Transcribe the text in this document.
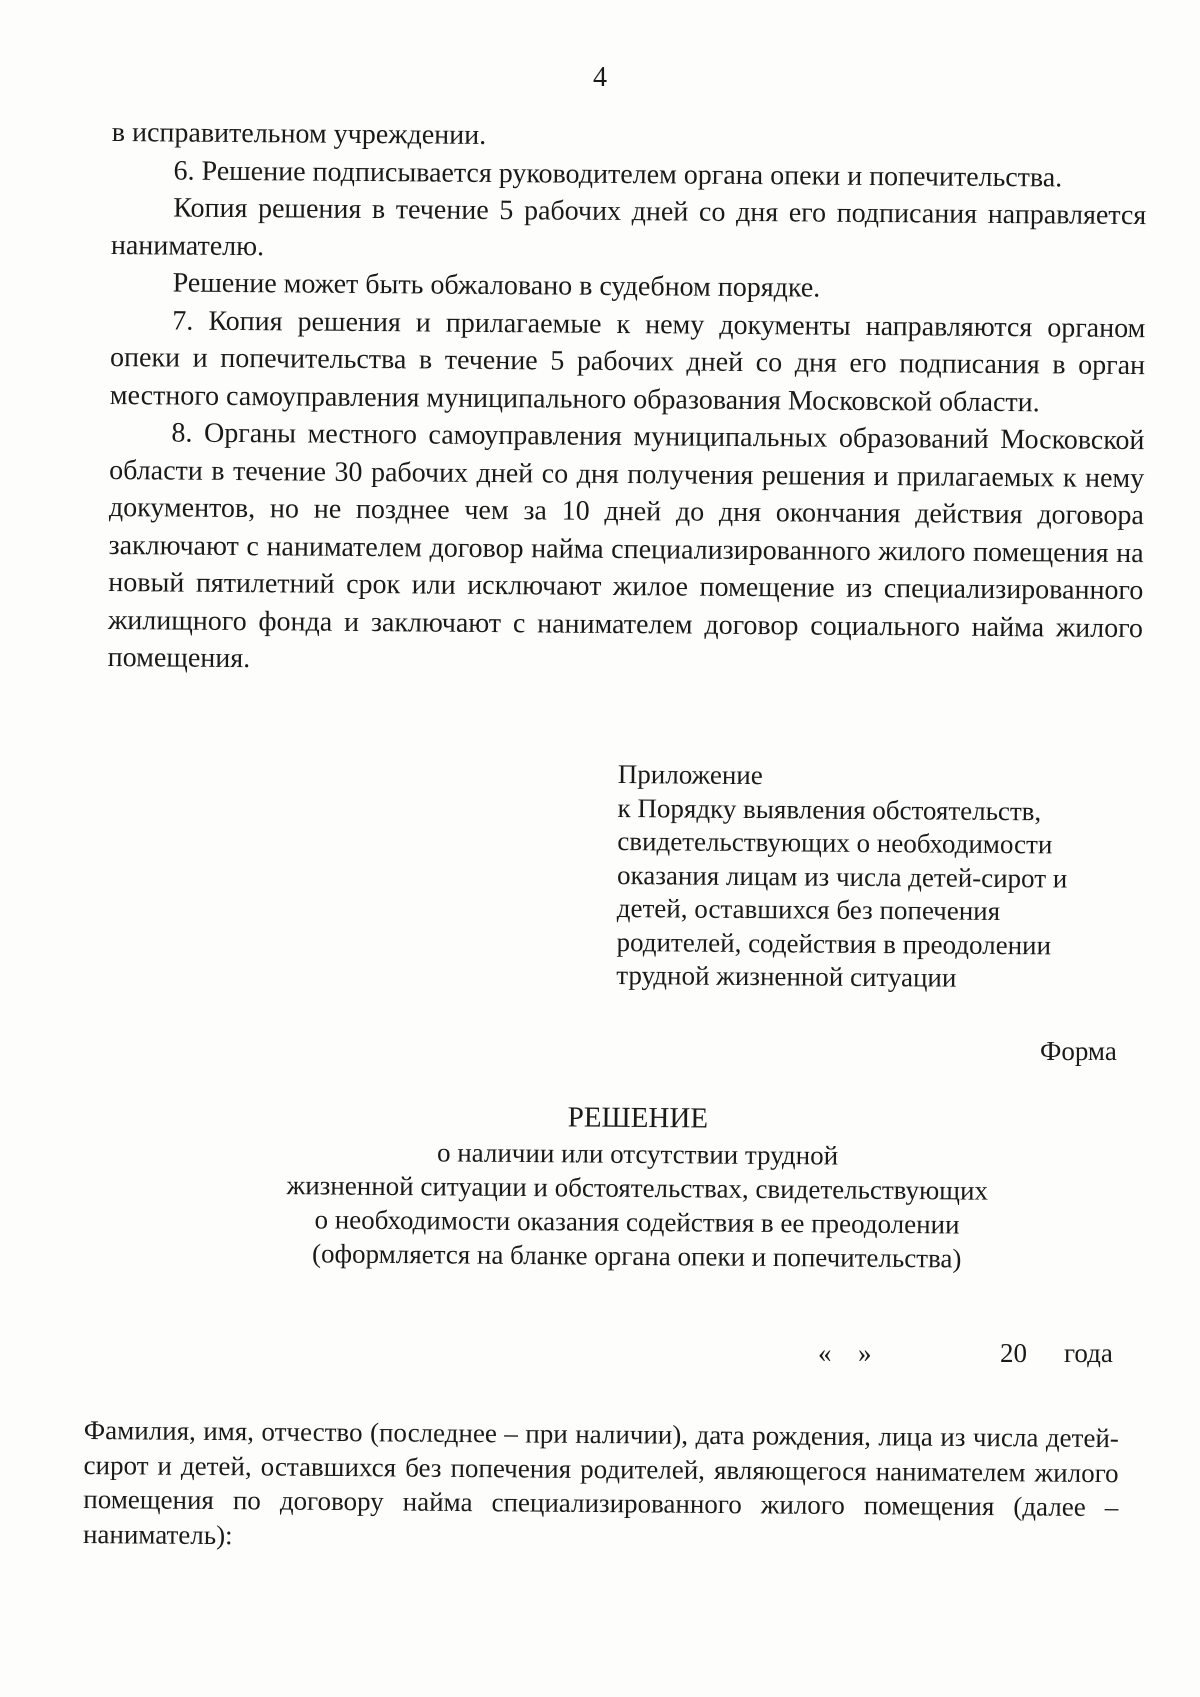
4

в исправительном учреждении.

6. Решение подписывается руководителем органа опеки и попечительства.

Копия решения в течение 5 рабочих дней со дня его подписания направляется нанимателю.

Решение может быть обжаловано в судебном порядке.

7. Копия решения и прилагаемые к нему документы направляются органом опеки и попечительства в течение 5 рабочих дней со дня его подписания в орган местного самоуправления муниципального образования Московской области.

8. Органы местного самоуправления муниципальных образований Московской области в течение 30 рабочих дней со дня получения решения и прилагаемых к нему документов, но не позднее чем за 10 дней до дня окончания действия договора заключают с нанимателем договор найма специализированного жилого помещения на новый пятилетний срок или исключают жилое помещение из специализированного жилищного фонда и заключают с нанимателем договор социального найма жилого помещения.

Приложение

к Порядку выявления обстоятельств,

свидетельствующих о необходимости

оказания лицам из числа детей-сирот и

детей, оставшихся без попечения

родителей, содействия в преодолении

трудной жизненной ситуации

Форма

РЕШЕНИЕ

о наличии или отсутствии трудной

жизненной ситуации и обстоятельствах, свидетельствующих

о необходимости оказания содействия в ее преодолении

(оформляется на бланке органа опеки и попечительства)

« »	20 года

Фамилия, имя, отчество (последнее – при наличии), дата рождения, лица из числа детей-сирот и детей, оставшихся без попечения родителей, являющегося нанимателем жилого помещения по договору найма специализированного жилого помещения (далее – наниматель):
